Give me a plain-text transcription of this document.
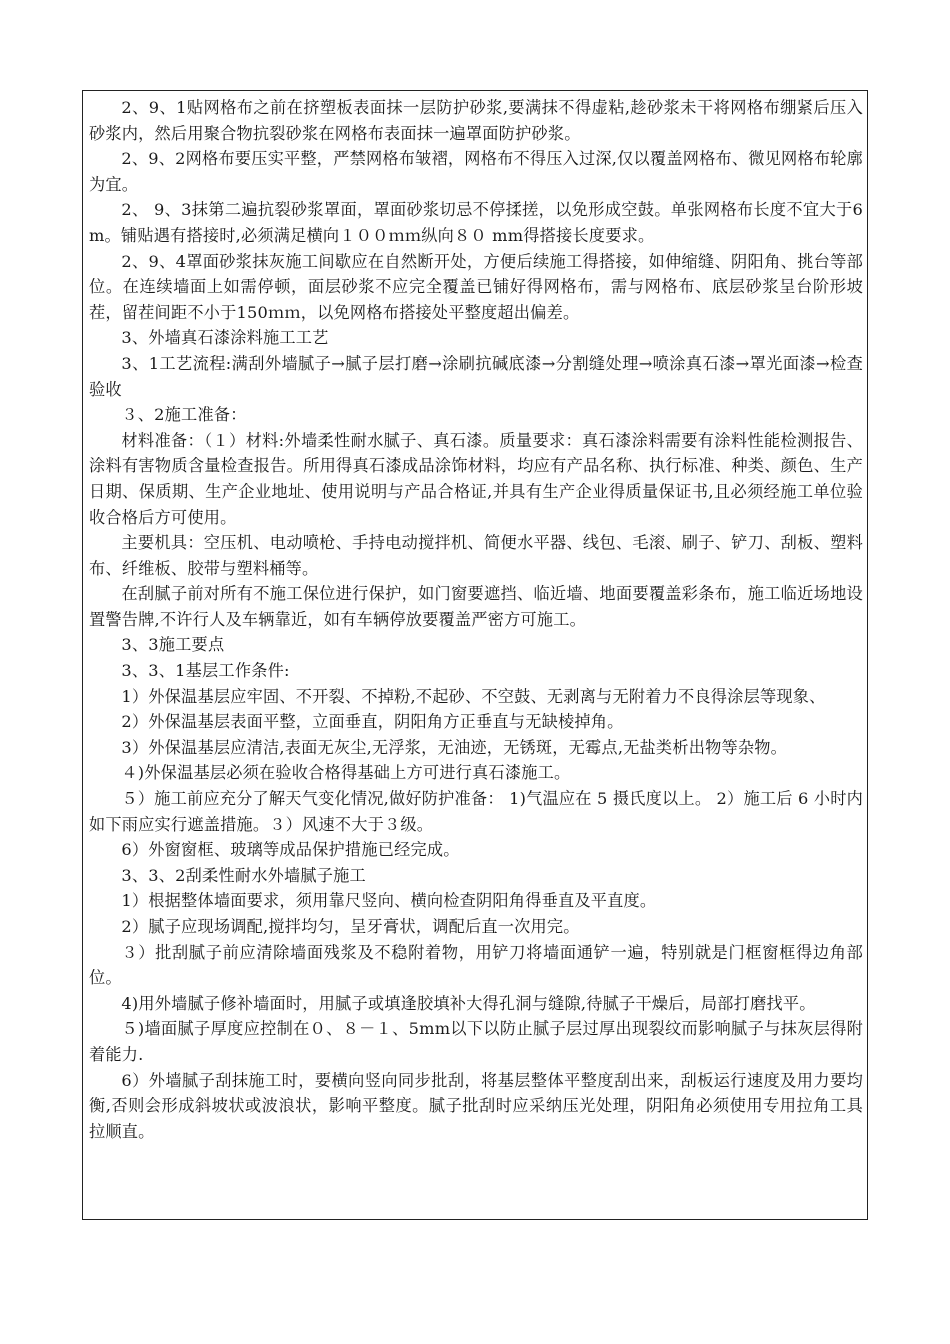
2、9、1贴网格布之前在挤塑板表面抹一层防护砂浆,要满抹不得虚粘,趁砂浆未干将网格布绷紧后压入砂浆内，然后用聚合物抗裂砂浆在网格布表面抹一遍罩面防护砂浆。

2、9、2网格布要压实平整，严禁网格布皱褶，网格布不得压入过深,仅以覆盖网格布、微见网格布轮廓为宜。

2、 9、3抹第二遍抗裂砂浆罩面，罩面砂浆切忌不停揉搓，以免形成空鼓。单张网格布长度不宜大于6m。铺贴遇有搭接时,必须满足横向１００ｍｍ纵向８０ mm得搭接长度要求。

2、9、4罩面砂浆抹灰施工间歇应在自然断开处，方便后续施工得搭接，如伸缩缝、阴阳角、挑台等部位。在连续墙面上如需停顿，面层砂浆不应完全覆盖已铺好得网格布，需与网格布、底层砂浆呈台阶形坡茬，留茬间距不小于150ｍｍ，以免网格布搭接处平整度超出偏差。

3、外墙真石漆涂料施工工艺

3、1工艺流程:满刮外墙腻子→腻子层打磨→涂刷抗碱底漆→分割缝处理→喷涂真石漆→罩光面漆→检查验收

３、2施工准备：

材料准备：（１）材料:外墙柔性耐水腻子、真石漆。质量要求：真石漆涂料需要有涂料性能检测报告、涂料有害物质含量检查报告。所用得真石漆成品涂饰材料，均应有产品名称、执行标准、种类、颜色、生产日期、保质期、生产企业地址、使用说明与产品合格证,并具有生产企业得质量保证书,且必须经施工单位验收合格后方可使用。

主要机具：空压机、电动喷枪、手持电动搅拌机、简便水平器、线包、毛滚、刷子、铲刀、刮板、塑料布、纤维板、胶带与塑料桶等。

在刮腻子前对所有不施工保位进行保护，如门窗要遮挡、临近墙、地面要覆盖彩条布，施工临近场地设置警告牌,不许行人及车辆靠近，如有车辆停放要覆盖严密方可施工。

3、3施工要点

3、3、1基层工作条件:

1）外保温基层应牢固、不开裂、不掉粉,不起砂、不空鼓、无剥离与无附着力不良得涂层等现象、

2）外保温基层表面平整，立面垂直，阴阳角方正垂直与无缺棱掉角。

3）外保温基层应清洁,表面无灰尘,无浮浆，无油迹，无锈斑，无霉点,无盐类析出物等杂物。

４)外保温基层必须在验收合格得基础上方可进行真石漆施工。

５）施工前应充分了解天气变化情况,做好防护准备： 1)气温应在 5 摄氏度以上。 2）施工后 6 小时内如下雨应实行遮盖措施。３）风速不大于３级。

6）外窗窗框、玻璃等成品保护措施已经完成。

3、3、2刮柔性耐水外墙腻子施工

1）根据整体墙面要求，须用靠尺竖向、横向检查阴阳角得垂直及平直度。

2）腻子应现场调配,搅拌均匀，呈牙膏状，调配后直一次用完。

３）批刮腻子前应清除墙面残浆及不稳附着物，用铲刀将墙面通铲一遍，特别就是门框窗框得边角部位。

4)用外墙腻子修补墙面时，用腻子或填逢胶填补大得孔洞与缝隙,待腻子干燥后，局部打磨找平。

５)墙面腻子厚度应控制在０、８－１、5mm以下以防止腻子层过厚出现裂纹而影响腻子与抹灰层得附着能力.

6）外墙腻子刮抹施工时，要横向竖向同步批刮，将基层整体平整度刮出来，刮板运行速度及用力要均衡,否则会形成斜坡状或波浪状，影响平整度。腻子批刮时应采纳压光处理，阴阳角必须使用专用拉角工具拉顺直。
